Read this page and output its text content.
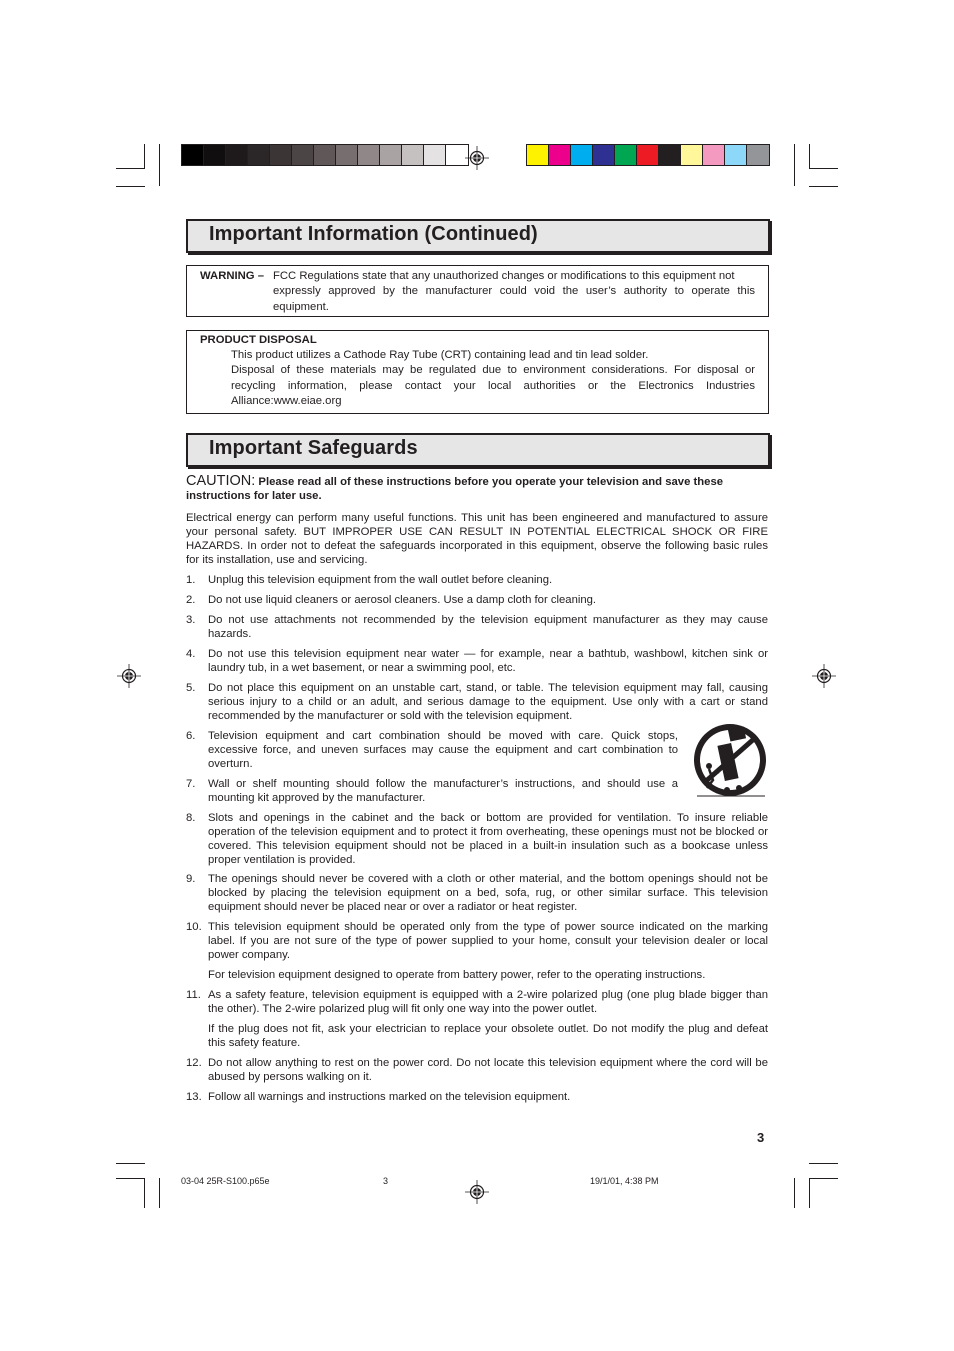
Important Information (Continued)
WARNING – FCC Regulations state that any unauthorized changes or modifications to this equipment not
expressly approved by the manufacturer could void the user’s authority to operate this equipment.
PRODUCT DISPOSAL
This product utilizes a Cathode Ray Tube (CRT) containing lead and tin lead solder.
Disposal of these materials may be regulated due to environment considerations. For disposal or recycling information, please contact your local authorities or the Electronics Industries Alliance:www.eiae.org
Important Safeguards
CAUTION: Please read all of these instructions before you operate your television and save these instructions for later use.
Electrical energy can perform many useful functions. This unit has been engineered and manufactured to assure your personal safety. BUT IMPROPER USE CAN RESULT IN POTENTIAL ELECTRICAL SHOCK OR FIRE HAZARDS. In order not to defeat the safeguards incorporated in this equipment, observe the following basic rules for its installation, use and servicing.
1. Unplug this television equipment from the wall outlet before cleaning.
2. Do not use liquid cleaners or aerosol cleaners. Use a damp cloth for cleaning.
3. Do not use attachments not recommended by the television equipment manufacturer as they may cause hazards.
4. Do not use this television equipment near water — for example, near a bathtub, washbowl, kitchen sink or laundry tub, in a wet basement, or near a swimming pool, etc.
5. Do not place this equipment on an unstable cart, stand, or table. The television equipment may fall, causing serious injury to a child or an adult, and serious damage to the equipment. Use only with a cart or stand recommended by the manufacturer or sold with the television equipment.
6. Television equipment and cart combination should be moved with care. Quick stops, excessive force, and uneven surfaces may cause the equipment and cart combination to overturn.
7. Wall or shelf mounting should follow the manufacturer’s instructions, and should use a mounting kit approved by the manufacturer.
8. Slots and openings in the cabinet and the back or bottom are provided for ventilation. To insure reliable operation of the television equipment and to protect it from overheating, these openings must not be blocked or covered. This television equipment should not be placed in a built-in insulation such as a bookcase unless proper ventilation is provided.
9. The openings should never be covered with a cloth or other material, and the bottom openings should not be blocked by placing the television equipment on a bed, sofa, rug, or other similar surface. This television equipment should never be placed near or over a radiator or heat register.
10. This television equipment should be operated only from the type of power source indicated on the marking label. If you are not sure of the type of power supplied to your home, consult your television dealer or local power company.
For television equipment designed to operate from battery power, refer to the operating instructions.
11. As a safety feature, television equipment is equipped with a 2-wire polarized plug (one plug blade bigger than the other). The 2-wire polarized plug will fit only one way into the power outlet.
If the plug does not fit, ask your electrician to replace your obsolete outlet. Do not modify the plug and defeat this safety feature.
12. Do not allow anything to rest on the power cord. Do not locate this television equipment where the cord will be abused by persons walking on it.
13. Follow all warnings and instructions marked on the television equipment.
3
03-04 25R-S100.p65e	3	19/1/01, 4:38 PM
